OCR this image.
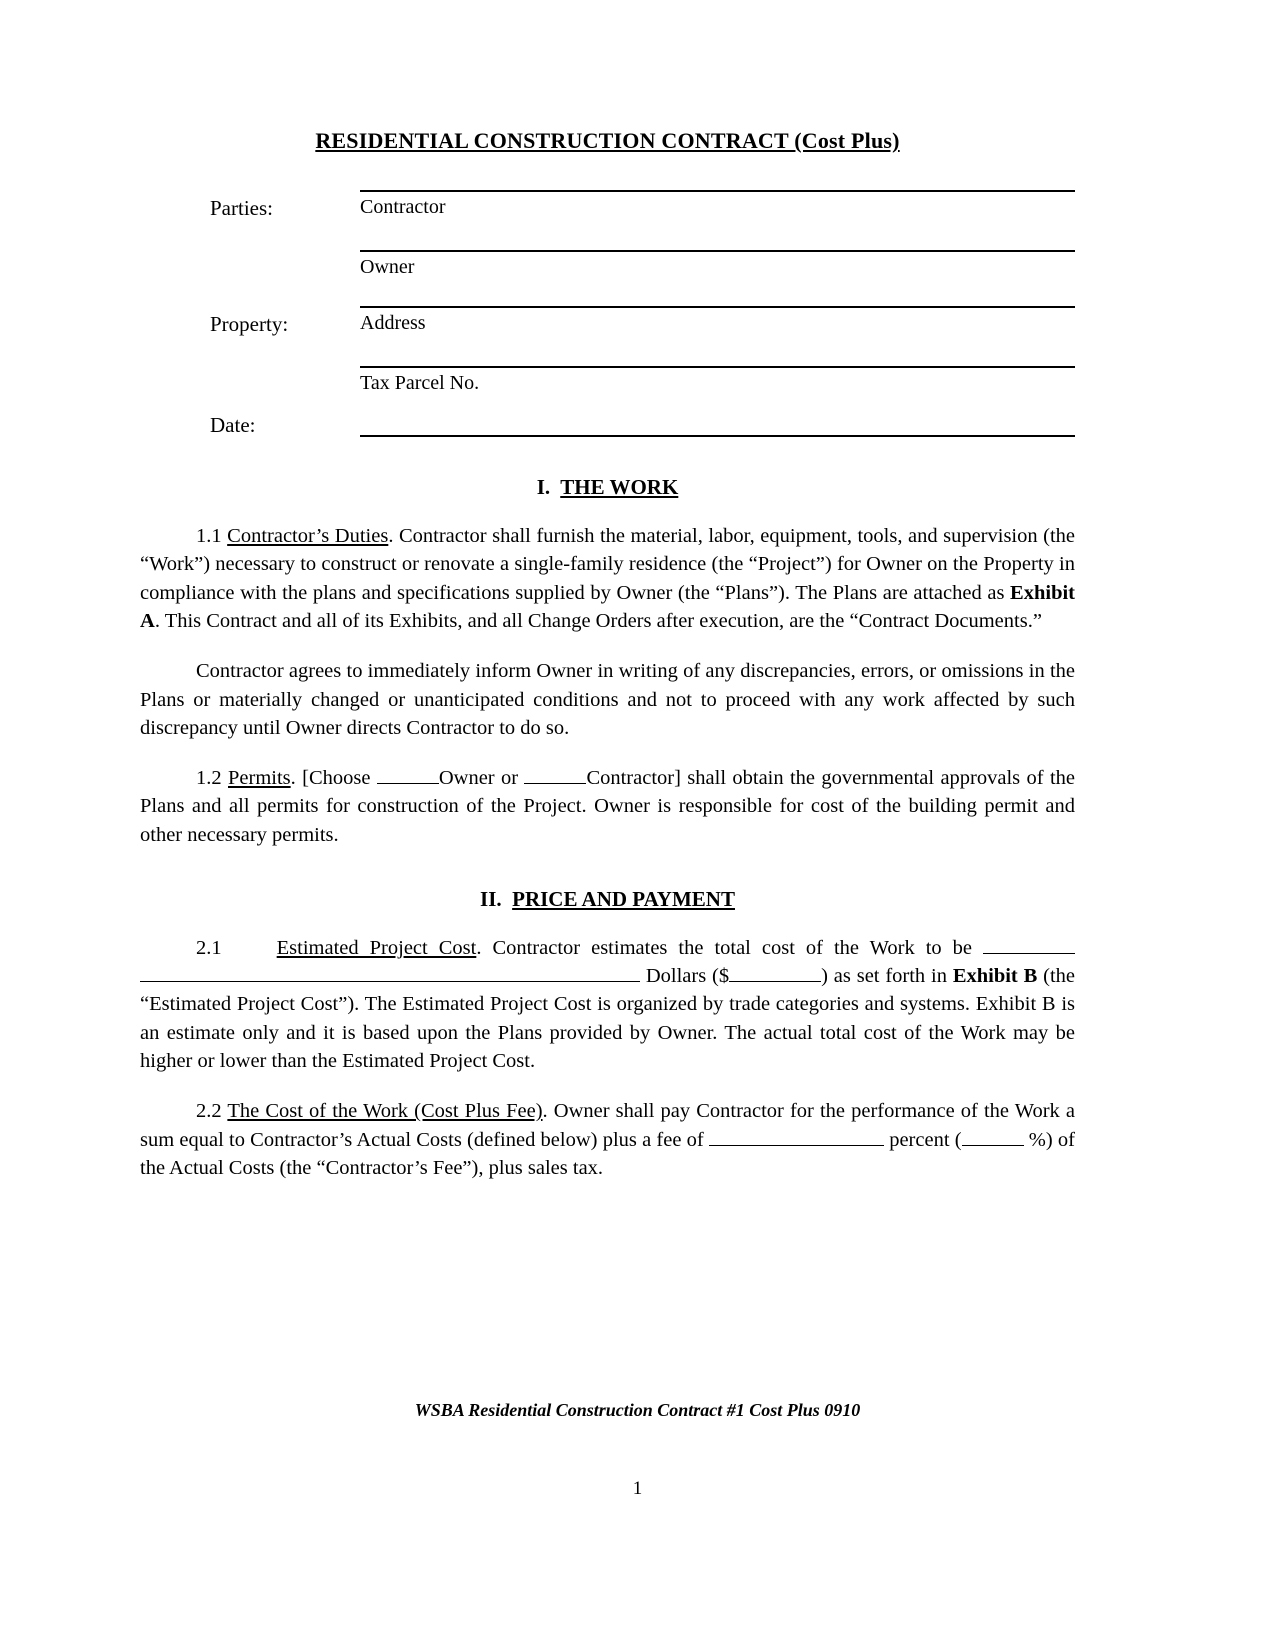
RESIDENTIAL CONSTRUCTION CONTRACT (Cost Plus)
Parties:	Contractor
Owner
Property:	Address
Tax Parcel No.
Date:
I. THE WORK

1.1 Contractor’s Duties. Contractor shall furnish the material, labor, equipment, tools, and supervision (the “Work”) necessary to construct or renovate a single-family residence (the “Project”) for Owner on the Property in compliance with the plans and specifications supplied by Owner (the “Plans”). The Plans are attached as Exhibit A. This Contract and all of its Exhibits, and all Change Orders after execution, are the “Contract Documents.”

Contractor agrees to immediately inform Owner in writing of any discrepancies, errors, or omissions in the Plans or materially changed or unanticipated conditions and not to proceed with any work affected by such discrepancy until Owner directs Contractor to do so.

1.2 Permits. [Choose	Owner or	Contractor] shall obtain the governmental approvals of the Plans and all permits for construction of the Project. Owner is responsible for cost of the building permit and other necessary permits.

II. PRICE AND PAYMENT

2.1	Estimated Project Cost. Contractor estimates the total cost of the Work to be  Dollars ($	) as set forth in Exhibit B (the “Estimated Project Cost”). The Estimated Project Cost is organized by trade categories and systems. Exhibit B is an estimate only and it is based upon the Plans provided by Owner. The actual total cost of the Work may be higher or lower than the Estimated Project Cost.

2.2 The Cost of the Work (Cost Plus Fee). Owner shall pay Contractor for the performance of the Work a sum equal to Contractor’s Actual Costs (defined below) plus a fee of	percent (	%) of the Actual Costs (the “Contractor’s Fee”), plus sales tax.

WSBA Residential Construction Contract #1 Cost Plus 0910
1
